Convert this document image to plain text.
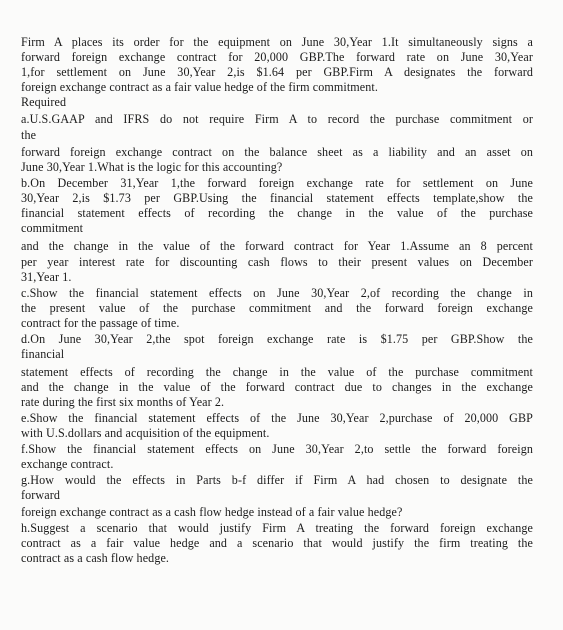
Firm A places its order for the equipment on June 30,Year 1.It simultaneously signs a
forward foreign exchange contract for 20,000 GBP.The forward rate on June 30,Year
1,for settlement on June 30,Year 2,is $1.64 per GBP.Firm A designates the forward
foreign exchange contract as a fair value hedge of the firm commitment.
Required
a.U.S.GAAP and IFRS do not require Firm A to record the purchase commitment or
the
forward foreign exchange contract on the balance sheet as a liability and an asset on
June 30,Year 1.What is the logic for this accounting?
b.On December 31,Year 1,the forward foreign exchange rate for settlement on June
30,Year 2,is $1.73 per GBP.Using the financial statement effects template,show the
financial statement effects of recording the change in the value of the purchase
commitment
and the change in the value of the forward contract for Year 1.Assume an 8 percent
per year interest rate for discounting cash flows to their present values on December
31,Year 1.
c.Show the financial statement effects on June 30,Year 2,of recording the change in
the present value of the purchase commitment and the forward foreign exchange
contract for the passage of time.
d.On June 30,Year 2,the spot foreign exchange rate is $1.75 per GBP.Show the
financial
statement effects of recording the change in the value of the purchase commitment
and the change in the value of the forward contract due to changes in the exchange
rate during the first six months of Year 2.
e.Show the financial statement effects of the June 30,Year 2,purchase of 20,000 GBP
with U.S.dollars and acquisition of the equipment.
f.Show the financial statement effects on June 30,Year 2,to settle the forward foreign
exchange contract.
g.How would the effects in Parts b-f differ if Firm A had chosen to designate the
forward
foreign exchange contract as a cash flow hedge instead of a fair value hedge?
h.Suggest a scenario that would justify Firm A treating the forward foreign exchange
contract as a fair value hedge and a scenario that would justify the firm treating the
contract as a cash flow hedge.
